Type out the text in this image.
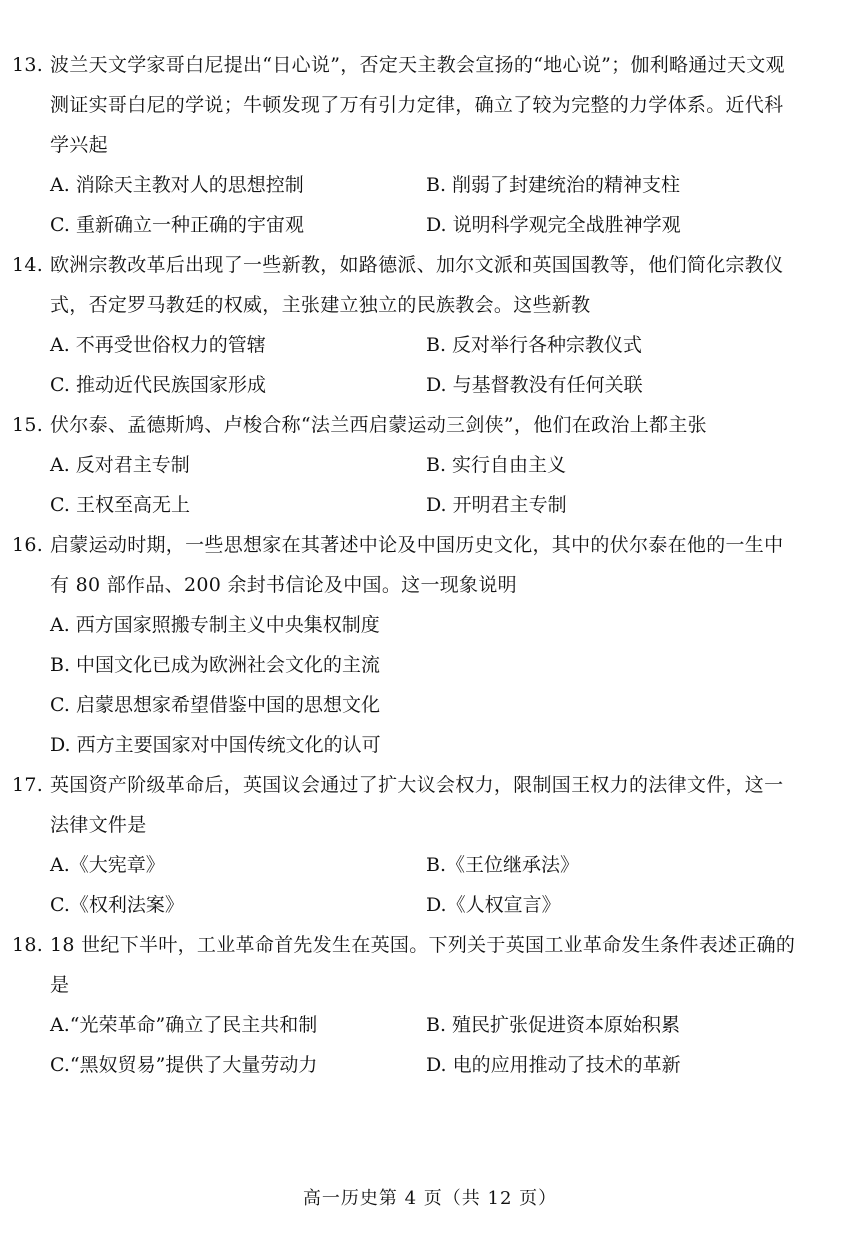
13. 波兰天文学家哥白尼提出“日心说”，否定天主教会宣扬的“地心说”；伽利略通过天文观测证实哥白尼的学说；牛顿发现了万有引力定律，确立了较为完整的力学体系。近代科学兴起
A. 消除天主教对人的思想控制	B. 削弱了封建统治的精神支柱
C. 重新确立一种正确的宇宙观	D. 说明科学观完全战胜神学观
14. 欧洲宗教改革后出现了一些新教，如路德派、加尔文派和英国国教等，他们简化宗教仪式，否定罗马教廷的权威，主张建立独立的民族教会。这些新教
A. 不再受世俗权力的管辖	B. 反对举行各种宗教仪式
C. 推动近代民族国家形成	D. 与基督教没有任何关联
15. 伏尔泰、孟德斯鸠、卢梭合称“法兰西启蒙运动三剑侠”，他们在政治上都主张
A. 反对君主专制	B. 实行自由主义
C. 王权至高无上	D. 开明君主专制
16. 启蒙运动时期，一些思想家在其著述中论及中国历史文化，其中的伏尔泰在他的一生中有 80 部作品、200 余封书信论及中国。这一现象说明
A. 西方国家照搬专制主义中央集权制度
B. 中国文化已成为欧洲社会文化的主流
C. 启蒙思想家希望借鉴中国的思想文化
D. 西方主要国家对中国传统文化的认可
17. 英国资产阶级革命后，英国议会通过了扩大议会权力，限制国王权力的法律文件，这一法律文件是
A.《大宪章》	B.《王位继承法》
C.《权利法案》	D.《人权宣言》
18. 18 世纪下半叶，工业革命首先发生在英国。下列关于英国工业革命发生条件表述正确的是
A.“光荣革命”确立了民主共和制	B. 殖民扩张促进资本原始积累
C.“黑奴贸易”提供了大量劳动力	D. 电的应用推动了技术的革新
高一历史第 4 页（共 12 页）
